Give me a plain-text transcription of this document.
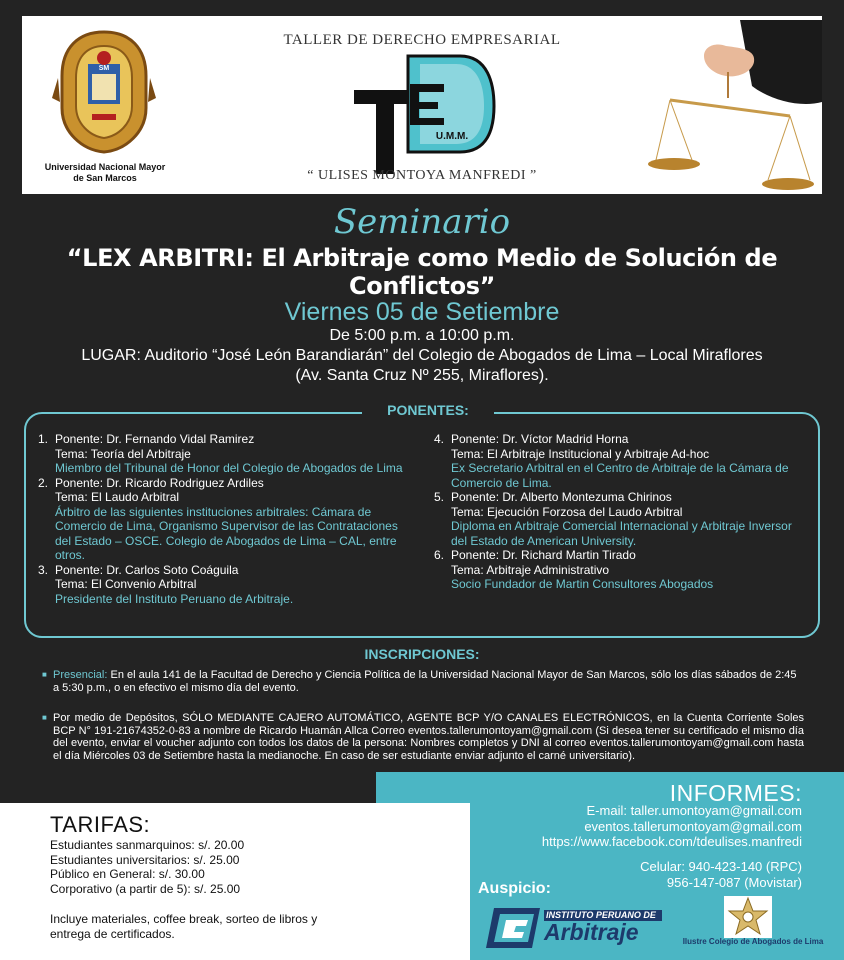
SM
Universidad Nacional Mayor
de San Marcos
TALLER DE DERECHO EMPRESARIAL
U.M.M.
“ ULISES MONTOYA MANFREDI ”
Seminario
“LEX ARBITRI: El Arbitraje como Medio de Solución de Conflictos”
Viernes 05 de Setiembre
De 5:00 p.m. a 10:00 p.m.
LUGAR: Auditorio “José León Barandiarán” del Colegio de Abogados de Lima – Local Miraflores
(Av. Santa Cruz Nº 255, Miraflores).
PONENTES:
1. Ponente: Dr. Fernando Vidal Ramirez
Tema: Teoría del Arbitraje
Miembro del Tribunal de Honor del Colegio de Abogados de Lima
2. Ponente: Dr. Ricardo Rodriguez Ardiles
Tema: El Laudo Arbitral
Árbitro de las siguientes instituciones arbitrales: Cámara de Comercio de Lima, Organismo Supervisor de las Contrataciones del Estado – OSCE. Colegio de Abogados de Lima – CAL, entre otros.
3. Ponente: Dr. Carlos Soto Coáguila
Tema: El Convenio Arbitral
Presidente del Instituto Peruano de Arbitraje.
4. Ponente: Dr. Víctor Madrid Horna
Tema: El Arbitraje Institucional y Arbitraje Ad-hoc
Ex Secretario Arbitral en el Centro de Arbitraje de la Cámara de Comercio de Lima.
5. Ponente: Dr. Alberto Montezuma Chirinos
Tema: Ejecución Forzosa del Laudo Arbitral
Diploma en Arbitraje Comercial Internacional y Arbitraje Inversor del Estado de American University.
6. Ponente: Dr. Richard Martin Tirado
Tema: Arbitraje Administrativo
Socio Fundador de Martin Consultores Abogados
INSCRIPCIONES:
■ Presencial: En el aula 141 de la Facultad de Derecho y Ciencia Política de la Universidad Nacional Mayor de San Marcos, sólo los días sábados de 2:45 a 5:30 p.m., o en efectivo el mismo día del evento.
■ Por medio de Depósitos, SÓLO MEDIANTE CAJERO AUTOMÁTICO, AGENTE BCP Y/O CANALES ELECTRÓNICOS, en la Cuenta Corriente Soles BCP N° 191-21674352-0-83 a nombre de Ricardo Huamán Allca Correo eventos.tallerumontoyam@gmail.com (Si desea tener su certificado el mismo día del evento, enviar el voucher adjunto con todos los datos de la persona: Nombres completos y DNI al correo eventos.tallerumontoyam@gmail.com hasta el día Miércoles 03 de Setiembre hasta la medianoche. En caso de ser estudiante enviar adjunto el carné universitario).
TARIFAS:
Estudiantes sanmarquinos: s/. 20.00
Estudiantes universitarios: s/. 25.00
Público en General: s/. 30.00
Corporativo (a partir de 5): s/. 25.00
Incluye materiales, coffee break, sorteo de libros y entrega de certificados.
INFORMES:
E-mail: taller.umontoyam@gmail.com
eventos.tallerumontoyam@gmail.com
https://www.facebook.com/tdeulises.manfredi
Celular: 940-423-140 (RPC)
956-147-087 (Movistar)
Auspicio:
INSTITUTO PERUANO DE
Arbitraje	Ilustre Colegio de Abogados de Lima
